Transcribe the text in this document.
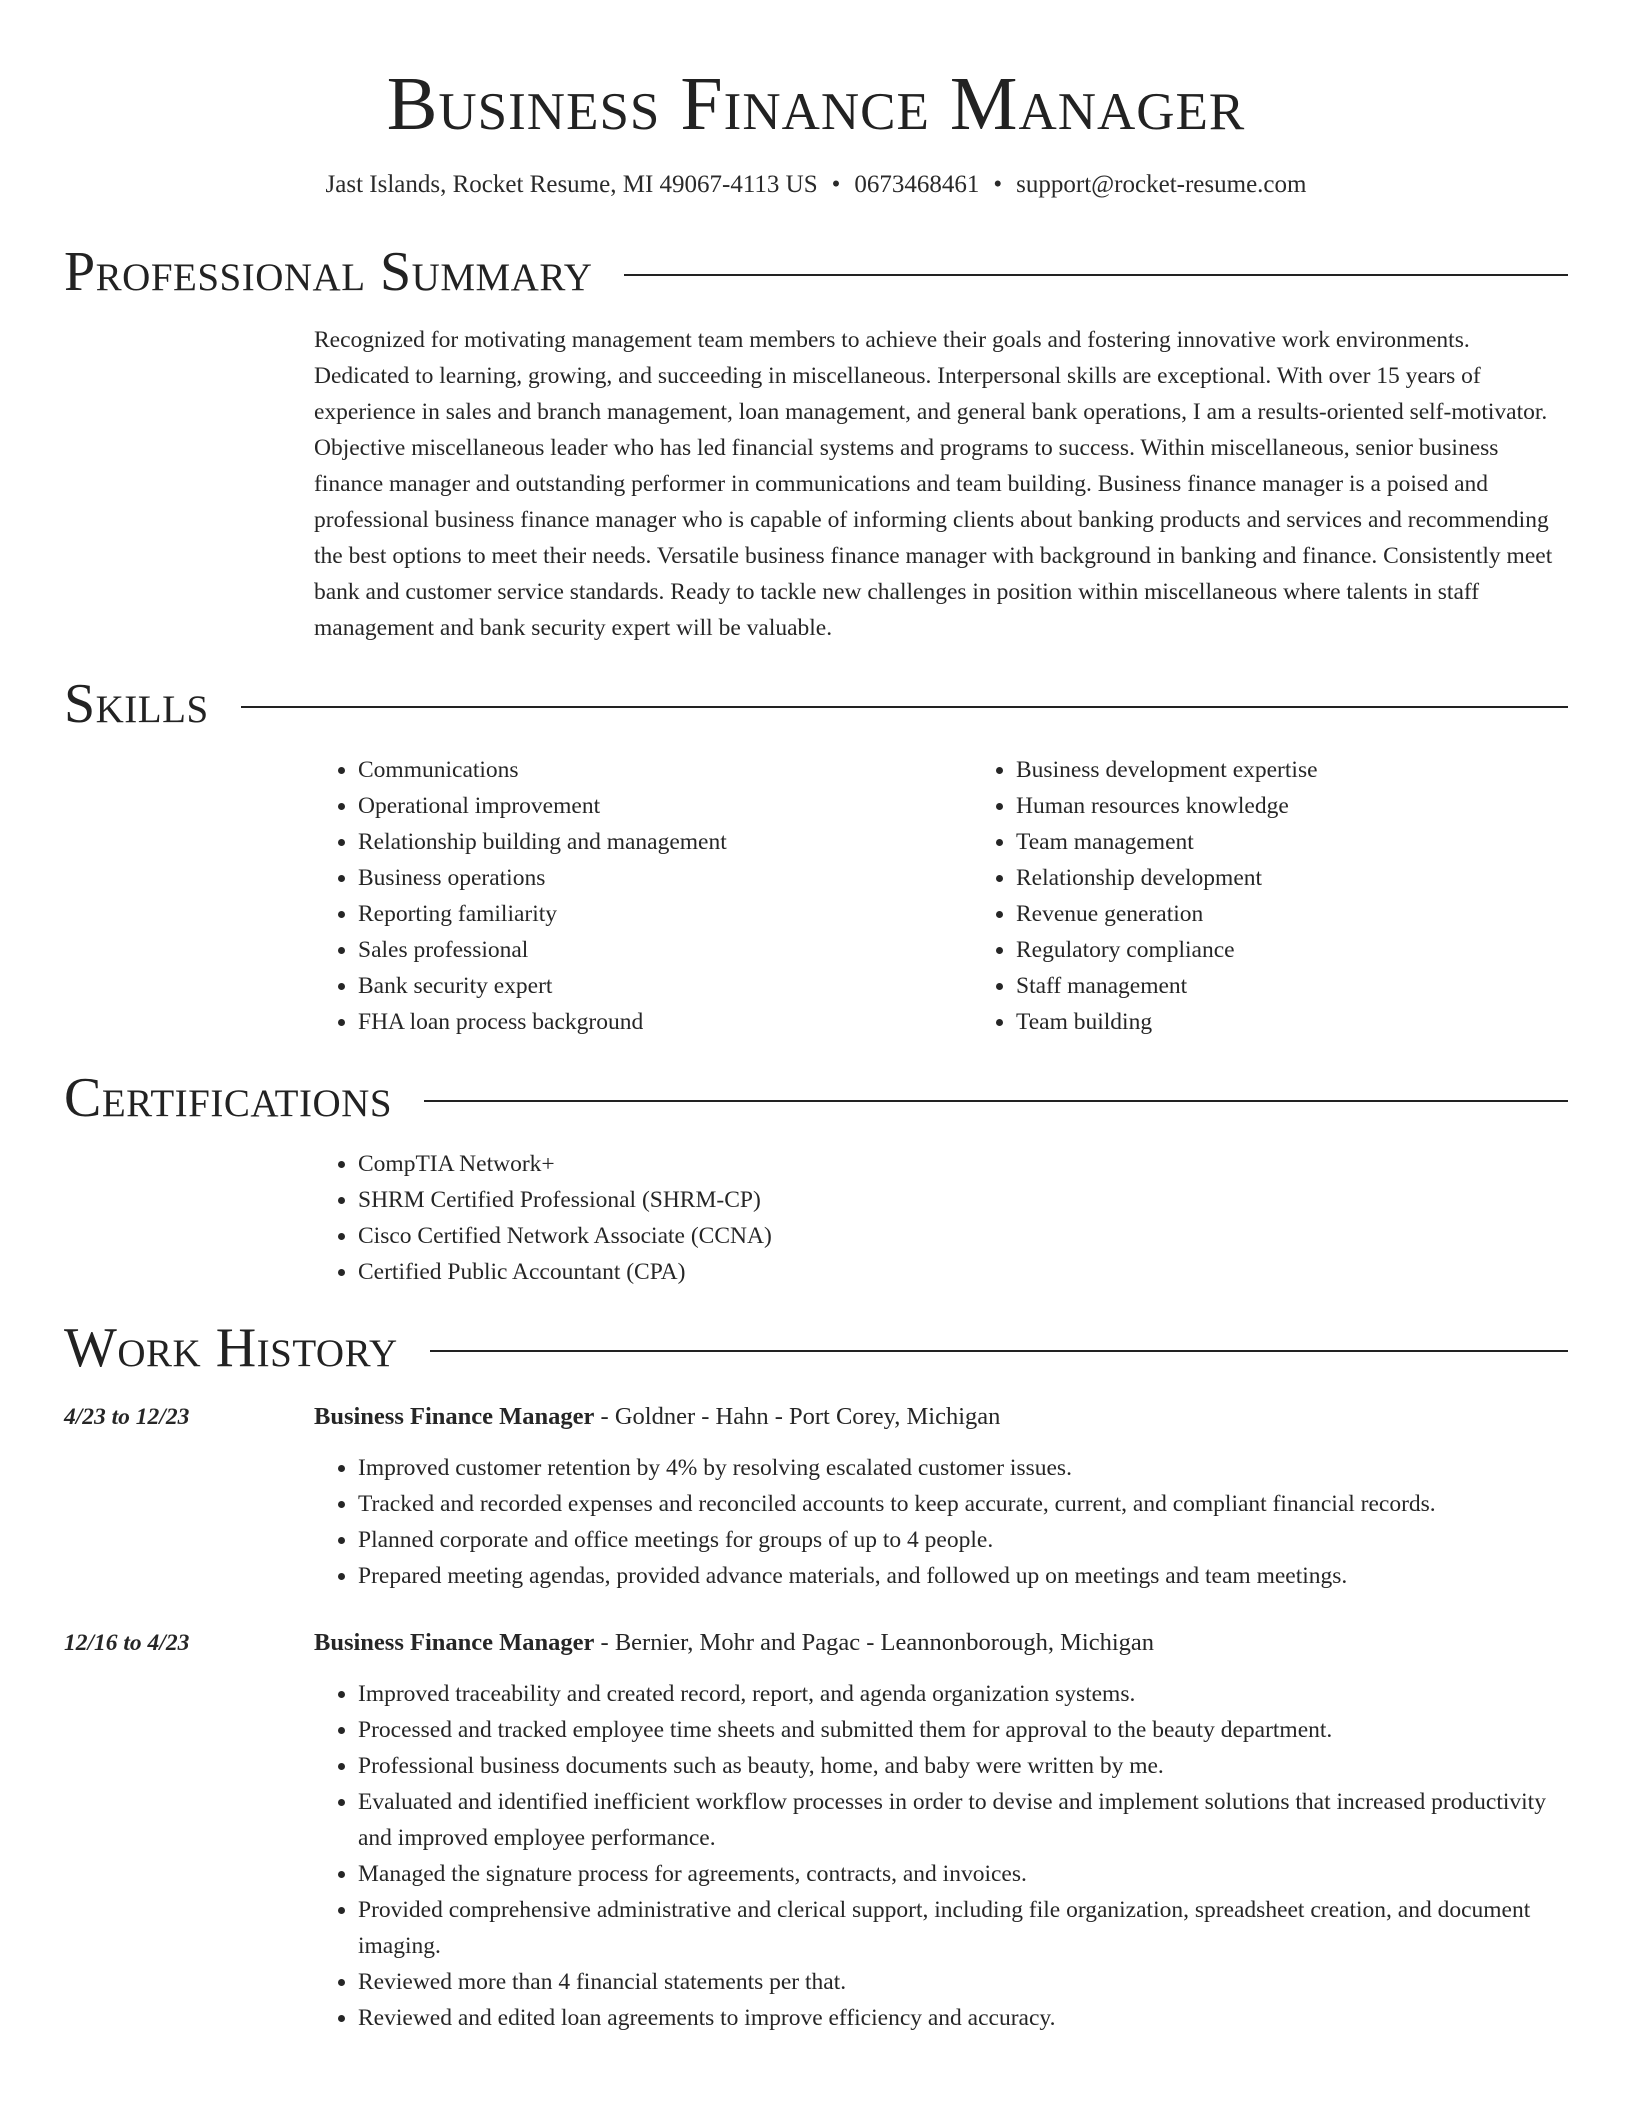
Business Finance Manager
Jast Islands, Rocket Resume, MI 49067-4113 US • 0673468461 • support@rocket-resume.com
Professional Summary
Recognized for motivating management team members to achieve their goals and fostering innovative work environments. Dedicated to learning, growing, and succeeding in miscellaneous. Interpersonal skills are exceptional. With over 15 years of experience in sales and branch management, loan management, and general bank operations, I am a results-oriented self-motivator. Objective miscellaneous leader who has led financial systems and programs to success. Within miscellaneous, senior business finance manager and outstanding performer in communications and team building. Business finance manager is a poised and professional business finance manager who is capable of informing clients about banking products and services and recommending the best options to meet their needs. Versatile business finance manager with background in banking and finance. Consistently meet bank and customer service standards. Ready to tackle new challenges in position within miscellaneous where talents in staff management and bank security expert will be valuable.
Skills
• Communications
• Operational improvement
• Relationship building and management
• Business operations
• Reporting familiarity
• Sales professional
• Bank security expert
• FHA loan process background
• Business development expertise
• Human resources knowledge
• Team management
• Relationship development
• Revenue generation
• Regulatory compliance
• Staff management
• Team building
Certifications
• CompTIA Network+
• SHRM Certified Professional (SHRM-CP)
• Cisco Certified Network Associate (CCNA)
• Certified Public Accountant (CPA)
Work History
4/23 to 12/23	Business Finance Manager - Goldner - Hahn - Port Corey, Michigan
• Improved customer retention by 4% by resolving escalated customer issues.
• Tracked and recorded expenses and reconciled accounts to keep accurate, current, and compliant financial records.
• Planned corporate and office meetings for groups of up to 4 people.
• Prepared meeting agendas, provided advance materials, and followed up on meetings and team meetings.
12/16 to 4/23	Business Finance Manager - Bernier, Mohr and Pagac - Leannonborough, Michigan
• Improved traceability and created record, report, and agenda organization systems.
• Processed and tracked employee time sheets and submitted them for approval to the beauty department.
• Professional business documents such as beauty, home, and baby were written by me.
• Evaluated and identified inefficient workflow processes in order to devise and implement solutions that increased productivity and improved employee performance.
• Managed the signature process for agreements, contracts, and invoices.
• Provided comprehensive administrative and clerical support, including file organization, spreadsheet creation, and document imaging.
• Reviewed more than 4 financial statements per that.
• Reviewed and edited loan agreements to improve efficiency and accuracy.
